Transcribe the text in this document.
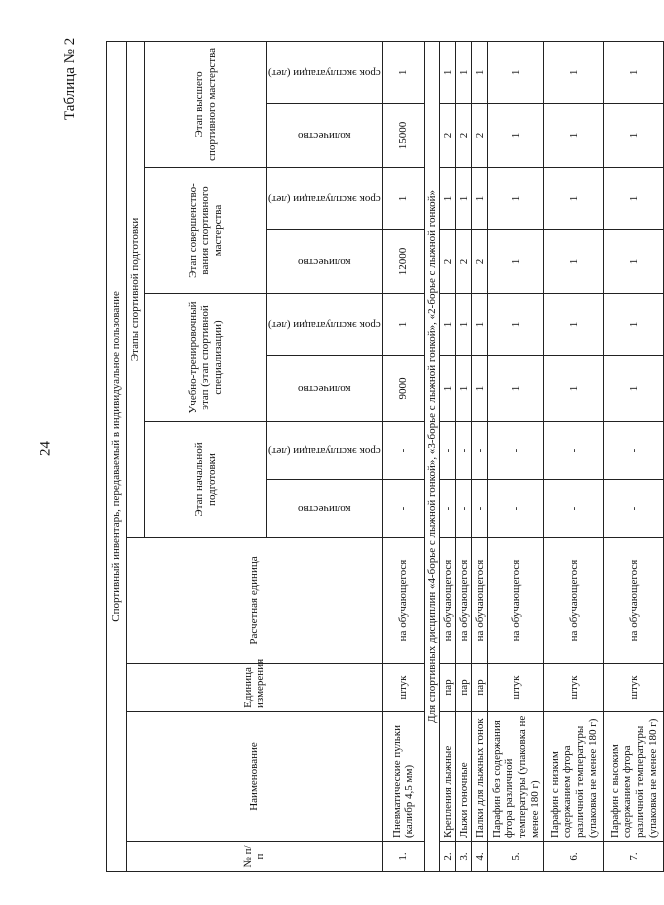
24
Таблица № 2
Спортивный инвентарь, передаваемый в индивидуальное пользование											
№ п/п	Наименование	Единица измерения	Расчетная единица	Этапы спортивной подготовки							
				Этап начальной подготовки		Учебно-тренировочный этап (этап спортивной специализации)		Этап совершенство-вания спортивного мастерства		Этап высшего спортивного мастерства	

				количество	срок эксплуатации (лет)	количество	срок эксплуатации (лет)	количество	срок эксплуатации (лет)	количество	срок эксплуатации (лет)

1.	Пневматические пульки (калибр 4,5 мм)	штук	на обучающегося	-	-	9000	1	12000	1	15000	1
Для спортивных дисциплин «4-борье с лыжной гонкой», «3-борье с лыжной гонкой», «2-борье с лыжной гонкой»											
2.	Крепления лыжные	пар	на обучающегося	-	-	1	1	2	1	2	1
3.	Лыжи гоночные	пар	на обучающегося	-	-	1	1	2	1	2	1
4.	Палки для лыжных гонок	пар	на обучающегося	-	-	1	1	2	1	2	1
5.	Парафин без содержания фтора различной температуры (упаковка не менее 180 г)	штук	на обучающегося	-	-	1	1	1	1	1	1
6.	Парафин с низким содержанием фтора различной температуры (упаковка не менее 180 г)	штук	на обучающегося	-	-	1	1	1	1	1	1
7.	Парафин с высоким содержанием фтора различной температуры (упаковка не менее 180 г)	штук	на обучающегося	-	-	1	1	1	1	1	1
